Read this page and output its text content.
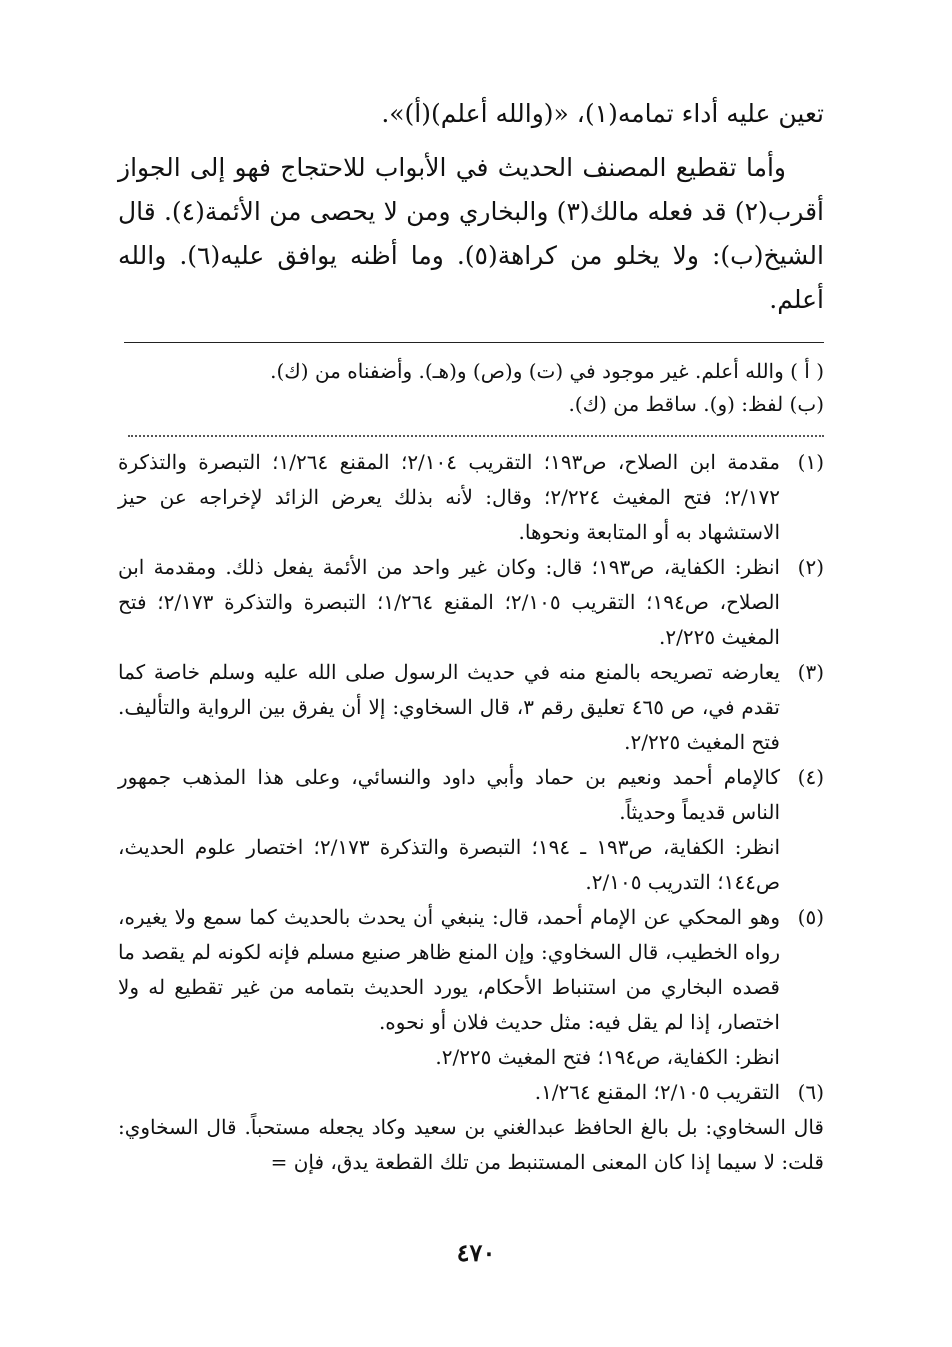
تعين عليه أداء تمامه(١)، «(والله أعلم)(أ)».

وأما تقطيع المصنف الحديث في الأبواب للاحتجاج فهو إلى الجواز أقرب(٢) قد فعله مالك(٣) والبخاري ومن لا يحصى من الأئمة(٤). قال الشيخ(ب): ولا يخلو من كراهة(٥). وما أظنه يوافق عليه(٦). والله أعلم.

( أ ) والله أعلم. غير موجود في (ت) و(ص) و(هـ). وأضفناه من (ك).
(ب) لفظ: (و). ساقط من (ك).
(١)
مقدمة ابن الصلاح، ص١٩٣؛ التقريب ٢/١٠٤؛ المقنع ١/٢٦٤؛ التبصرة والتذكرة ٢/١٧٢؛ فتح المغيث ٢/٢٢٤؛ وقال: لأنه بذلك يعرض الزائد لإخراجه عن حيز الاستشهاد به أو المتابعة ونحوها.
(٢)
انظر: الكفاية، ص١٩٣؛ قال: وكان غير واحد من الأئمة يفعل ذلك. ومقدمة ابن الصلاح، ص١٩٤؛ التقريب ٢/١٠٥؛ المقنع ١/٢٦٤؛ التبصرة والتذكرة ٢/١٧٣؛ فتح المغيث ٢/٢٢٥.
(٣)
يعارضه تصريحه بالمنع منه في حديث الرسول صلى الله عليه وسلم خاصة كما تقدم في، ص ٤٦٥ تعليق رقم ٣، قال السخاوي: إلا أن يفرق بين الرواية والتأليف. فتح المغيث ٢/٢٢٥.
(٤)
كالإمام أحمد ونعيم بن حماد وأبي داود والنسائي، وعلى هذا المذهب جمهور الناس قديماً وحديثاً.
انظر: الكفاية، ص١٩٣ ـ ١٩٤؛ التبصرة والتذكرة ٢/١٧٣؛ اختصار علوم الحديث، ص١٤٤؛ التدريب ٢/١٠٥.
(٥)
وهو المحكي عن الإمام أحمد، قال: ينبغي أن يحدث بالحديث كما سمع ولا يغيره، رواه الخطيب، قال السخاوي: وإن المنع ظاهر صنيع مسلم فإنه لكونه لم يقصد ما قصده البخاري من استنباط الأحكام، يورد الحديث بتمامه من غير تقطيع له ولا اختصار، إذا لم يقل فيه: مثل حديث فلان أو نحوه.
انظر: الكفاية، ص١٩٤؛ فتح المغيث ٢/٢٢٥.
(٦)
التقريب ٢/١٠٥؛ المقنع ١/٢٦٤.
قال السخاوي: بل بالغ الحافظ عبدالغني بن سعيد وكاد يجعله مستحباً. قال السخاوي: قلت: لا سيما إذا كان المعنى المستنبط من تلك القطعة يدق، فإن =
٤٧٠
